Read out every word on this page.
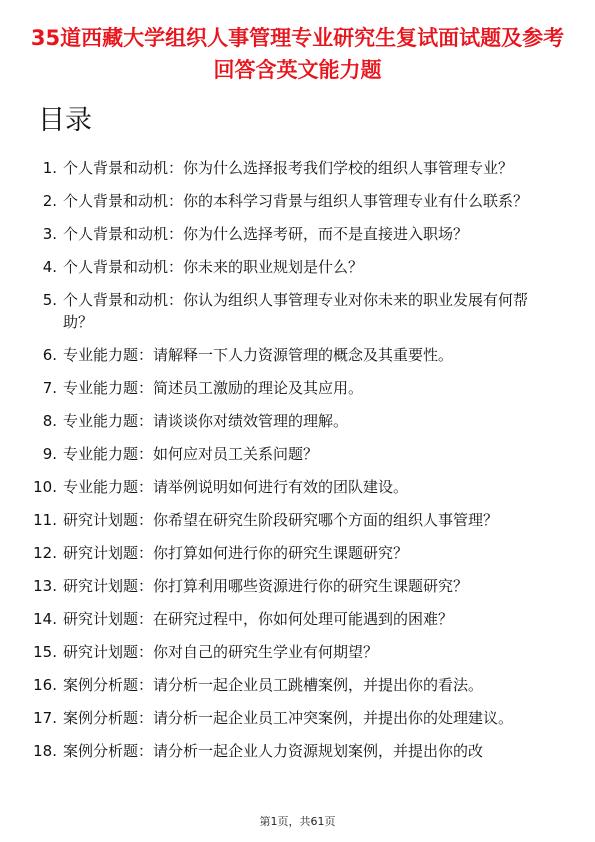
35道西藏大学组织人事管理专业研究生复试面试题及参考回答含英文能力题
目录
1. 个人背景和动机：你为什么选择报考我们学校的组织人事管理专业？
2. 个人背景和动机：你的本科学习背景与组织人事管理专业有什么联系？
3. 个人背景和动机：你为什么选择考研，而不是直接进入职场？
4. 个人背景和动机：你未来的职业规划是什么？
5. 个人背景和动机：你认为组织人事管理专业对你未来的职业发展有何帮助？
6. 专业能力题：请解释一下人力资源管理的概念及其重要性。
7. 专业能力题：简述员工激励的理论及其应用。
8. 专业能力题：请谈谈你对绩效管理的理解。
9. 专业能力题：如何应对员工关系问题？
10. 专业能力题：请举例说明如何进行有效的团队建设。
11. 研究计划题：你希望在研究生阶段研究哪个方面的组织人事管理？
12. 研究计划题：你打算如何进行你的研究生课题研究？
13. 研究计划题：你打算利用哪些资源进行你的研究生课题研究？
14. 研究计划题：在研究过程中，你如何处理可能遇到的困难？
15. 研究计划题：你对自己的研究生学业有何期望？
16. 案例分析题：请分析一起企业员工跳槽案例，并提出你的看法。
17. 案例分析题：请分析一起企业员工冲突案例，并提出你的处理建议。
18. 案例分析题：请分析一起企业人力资源规划案例，并提出你的改
第1页，共61页
